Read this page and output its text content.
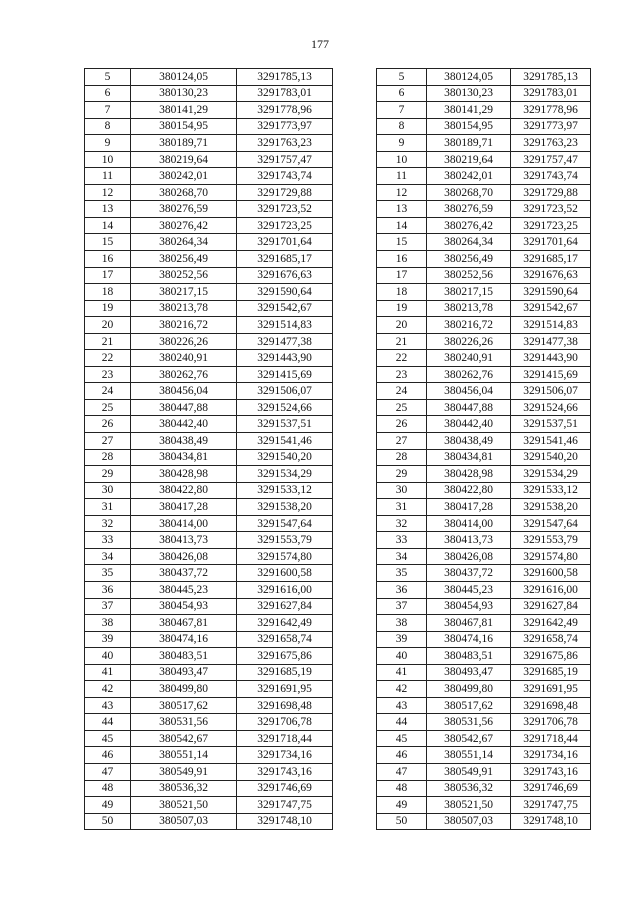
177
5	380124,05	3291785,13
6	380130,23	3291783,01
7	380141,29	3291778,96
8	380154,95	3291773,97
9	380189,71	3291763,23
10	380219,64	3291757,47
11	380242,01	3291743,74
12	380268,70	3291729,88
13	380276,59	3291723,52
14	380276,42	3291723,25
15	380264,34	3291701,64
16	380256,49	3291685,17
17	380252,56	3291676,63
18	380217,15	3291590,64
19	380213,78	3291542,67
20	380216,72	3291514,83
21	380226,26	3291477,38
22	380240,91	3291443,90
23	380262,76	3291415,69
24	380456,04	3291506,07
25	380447,88	3291524,66
26	380442,40	3291537,51
27	380438,49	3291541,46
28	380434,81	3291540,20
29	380428,98	3291534,29
30	380422,80	3291533,12
31	380417,28	3291538,20
32	380414,00	3291547,64
33	380413,73	3291553,79
34	380426,08	3291574,80
35	380437,72	3291600,58
36	380445,23	3291616,00
37	380454,93	3291627,84
38	380467,81	3291642,49
39	380474,16	3291658,74
40	380483,51	3291675,86
41	380493,47	3291685,19
42	380499,80	3291691,95
43	380517,62	3291698,48
44	380531,56	3291706,78
45	380542,67	3291718,44
46	380551,14	3291734,16
47	380549,91	3291743,16
48	380536,32	3291746,69
49	380521,50	3291747,75
50	380507,03	3291748,10
5	380124,05	3291785,13
6	380130,23	3291783,01
7	380141,29	3291778,96
8	380154,95	3291773,97
9	380189,71	3291763,23
10	380219,64	3291757,47
11	380242,01	3291743,74
12	380268,70	3291729,88
13	380276,59	3291723,52
14	380276,42	3291723,25
15	380264,34	3291701,64
16	380256,49	3291685,17
17	380252,56	3291676,63
18	380217,15	3291590,64
19	380213,78	3291542,67
20	380216,72	3291514,83
21	380226,26	3291477,38
22	380240,91	3291443,90
23	380262,76	3291415,69
24	380456,04	3291506,07
25	380447,88	3291524,66
26	380442,40	3291537,51
27	380438,49	3291541,46
28	380434,81	3291540,20
29	380428,98	3291534,29
30	380422,80	3291533,12
31	380417,28	3291538,20
32	380414,00	3291547,64
33	380413,73	3291553,79
34	380426,08	3291574,80
35	380437,72	3291600,58
36	380445,23	3291616,00
37	380454,93	3291627,84
38	380467,81	3291642,49
39	380474,16	3291658,74
40	380483,51	3291675,86
41	380493,47	3291685,19
42	380499,80	3291691,95
43	380517,62	3291698,48
44	380531,56	3291706,78
45	380542,67	3291718,44
46	380551,14	3291734,16
47	380549,91	3291743,16
48	380536,32	3291746,69
49	380521,50	3291747,75
50	380507,03	3291748,10
